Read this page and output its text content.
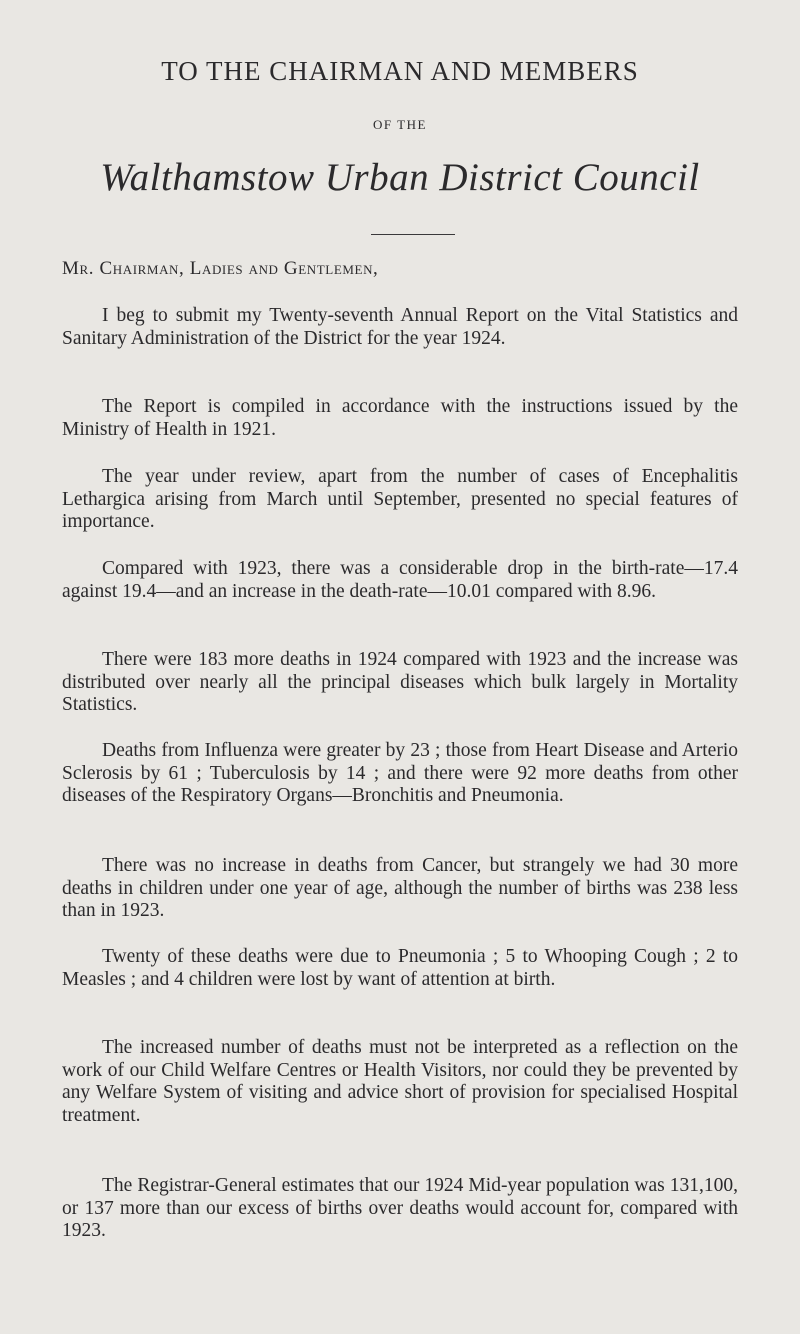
TO THE CHAIRMAN AND MEMBERS
OF THE
Walthamstow Urban District Council
Mr. Chairman, Ladies and Gentlemen,

I beg to submit my Twenty-seventh Annual Report on the Vital Statistics and Sanitary Administration of the District for the year 1924.

The Report is compiled in accordance with the instructions issued by the Ministry of Health in 1921.

The year under review, apart from the number of cases of Encephalitis Lethargica arising from March until September, presented no special features of importance.

Compared with 1923, there was a considerable drop in the birth-rate—17.4 against 19.4—and an increase in the death-rate—10.01 compared with 8.96.

There were 183 more deaths in 1924 compared with 1923 and the increase was distributed over nearly all the principal diseases which bulk largely in Mortality Statistics.

Deaths from Influenza were greater by 23 ; those from Heart Disease and Arterio Sclerosis by 61 ; Tuberculosis by 14 ; and there were 92 more deaths from other diseases of the Respiratory Organs—Bronchitis and Pneumonia.

There was no increase in deaths from Cancer, but strangely we had 30 more deaths in children under one year of age, although the number of births was 238 less than in 1923.

Twenty of these deaths were due to Pneumonia ; 5 to Whooping Cough ; 2 to Measles ; and 4 children were lost by want of attention at birth.

The increased number of deaths must not be interpreted as a reflection on the work of our Child Welfare Centres or Health Visitors, nor could they be prevented by any Welfare System of visiting and advice short of provision for specialised Hospital treatment.

The Registrar-General estimates that our 1924 Mid-year population was 131,100, or 137 more than our excess of births over deaths would account for, compared with 1923.
